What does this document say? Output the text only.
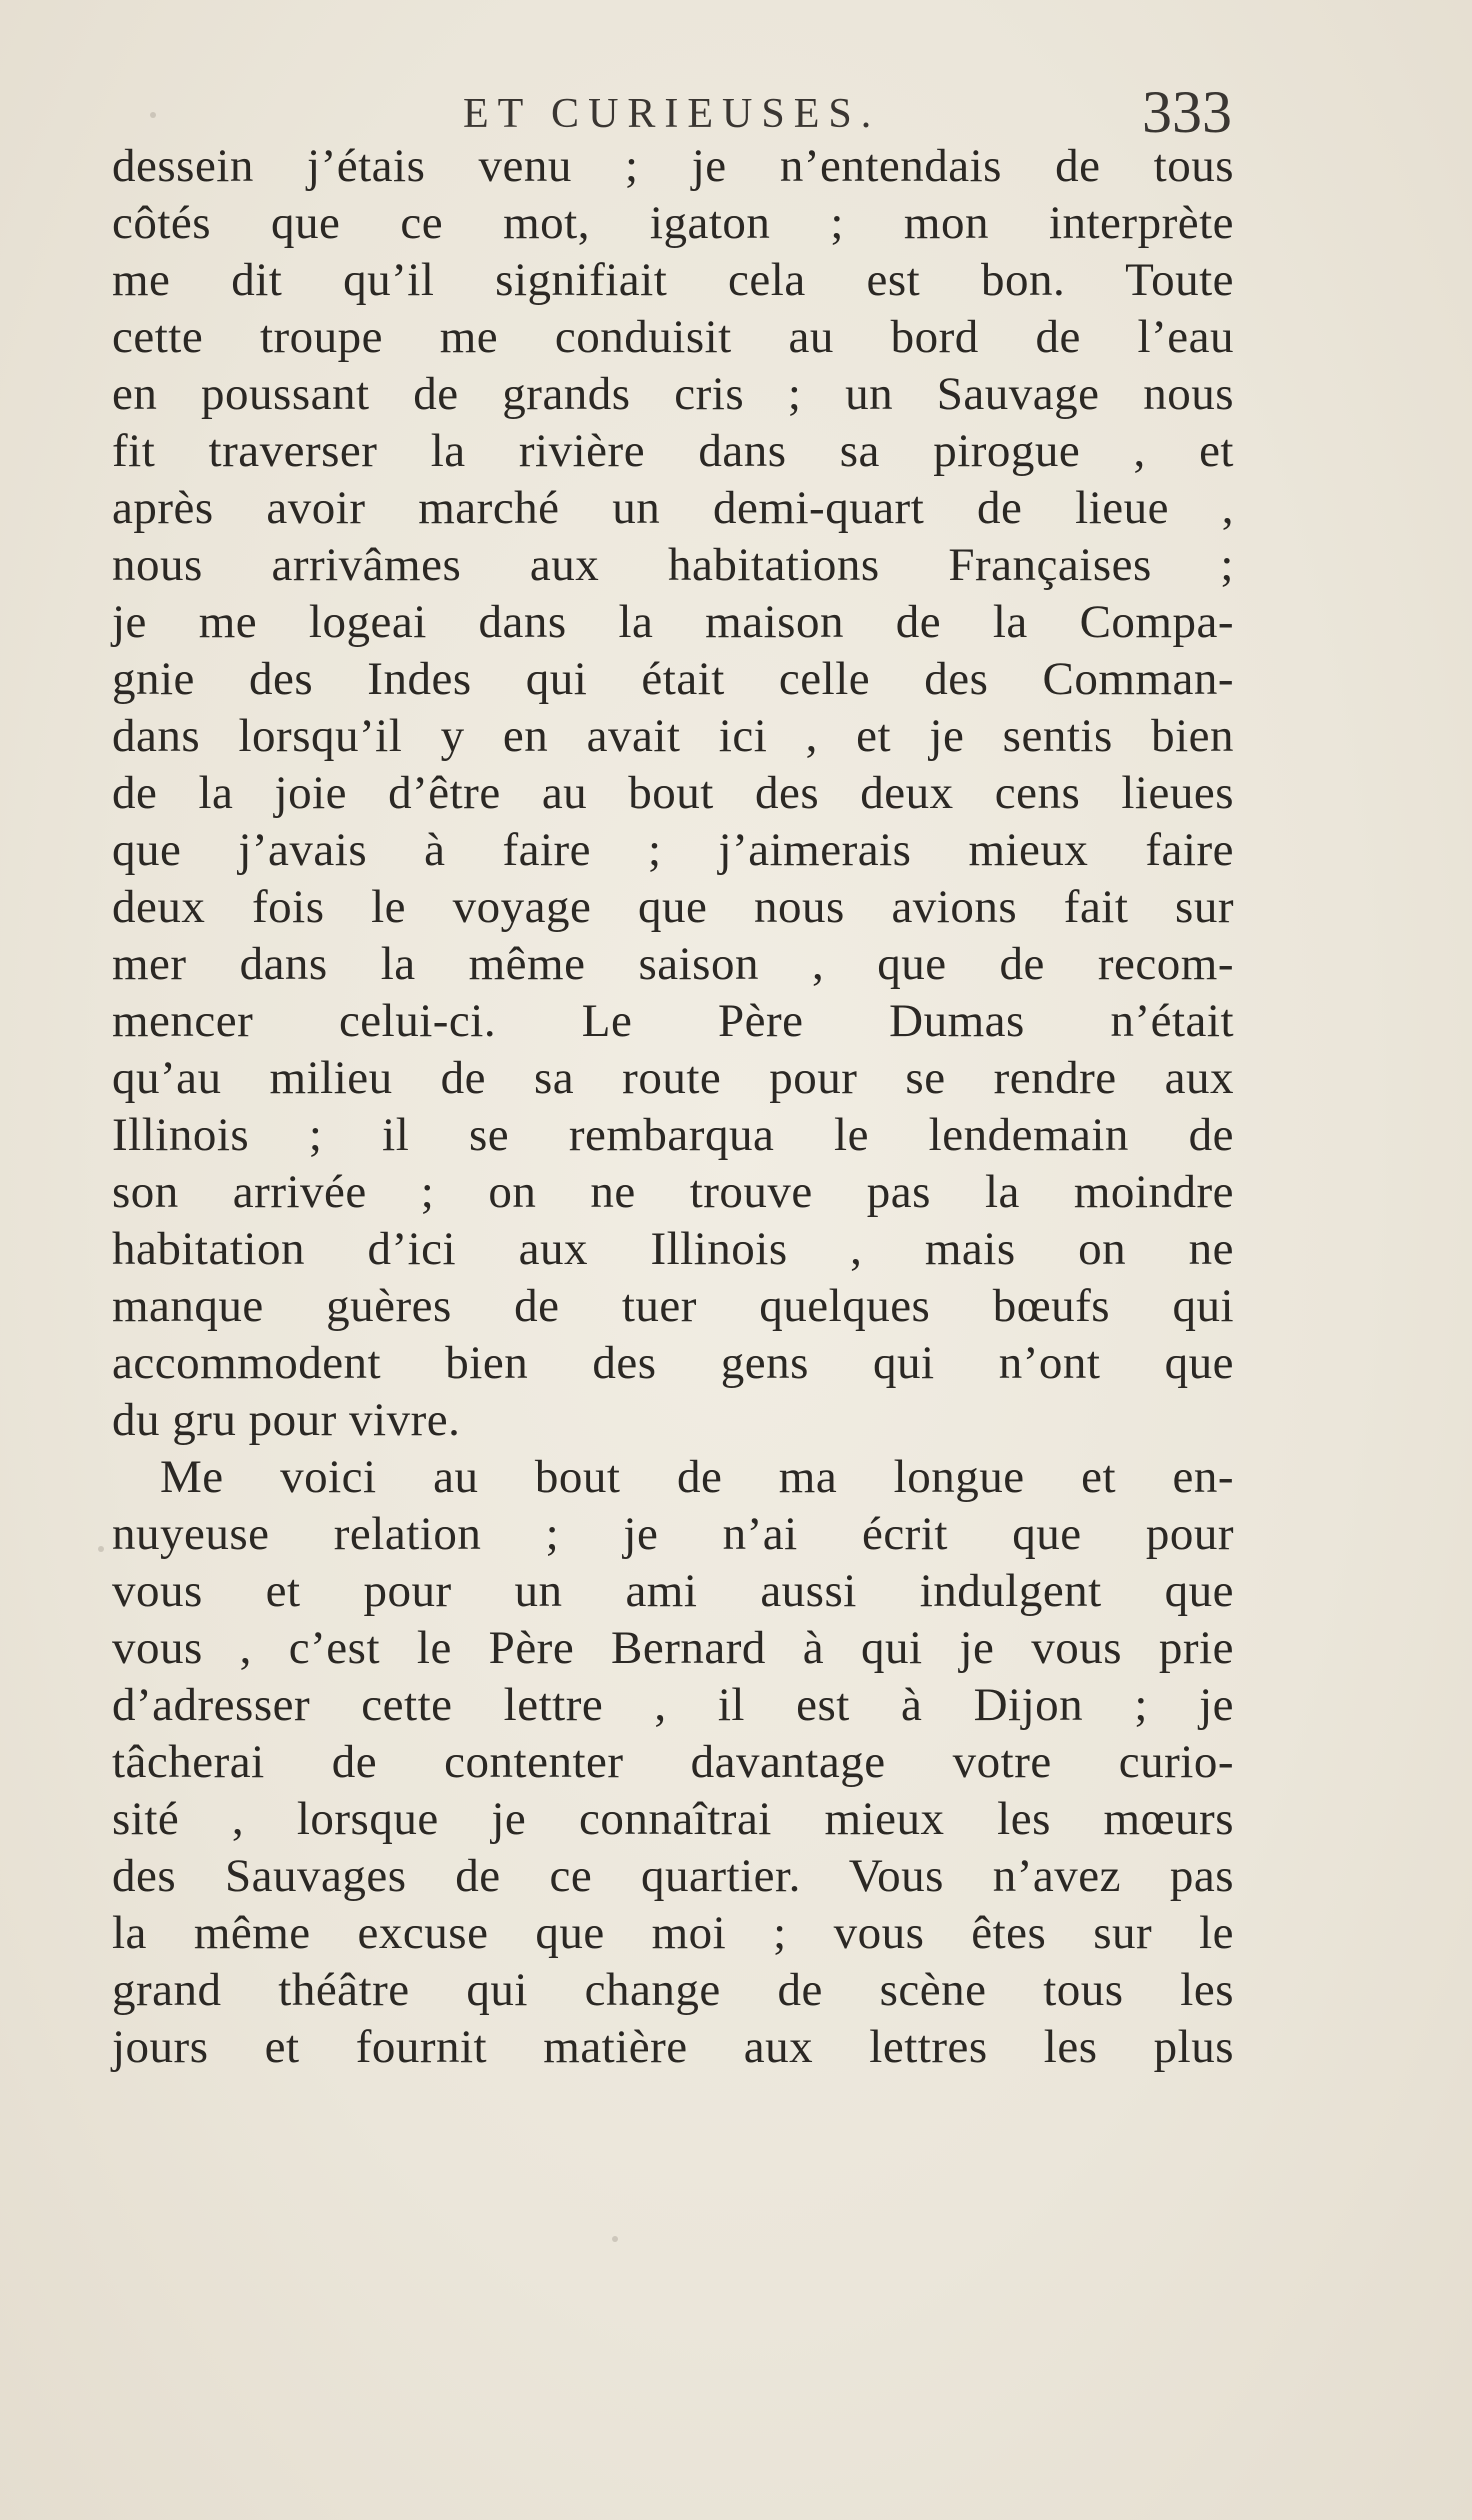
ET CURIEUSES.	333
dessein j’étais venu ; je n’entendais de tous
côtés que ce mot, igaton ; mon interprète
me dit qu’il signifiait cela est bon. Toute
cette troupe me conduisit au bord de l’eau
en poussant de grands cris ; un Sauvage nous
fit traverser la rivière dans sa pirogue , et
après avoir marché un demi-quart de lieue ,
nous arrivâmes aux habitations Françaises ;
je me logeai dans la maison de la Compa-
gnie des Indes qui était celle des Comman-
dans lorsqu’il y en avait ici , et je sentis bien
de la joie d’être au bout des deux cens lieues
que j’avais à faire ; j’aimerais mieux faire
deux fois le voyage que nous avions fait sur
mer dans la même saison , que de recom-
mencer celui-ci. Le Père Dumas n’était
qu’au milieu de sa route pour se rendre aux
Illinois ; il se rembarqua le lendemain de
son arrivée ; on ne trouve pas la moindre
habitation d’ici aux Illinois , mais on ne
manque guères de tuer quelques bœufs qui
accommodent bien des gens qui n’ont que
du gru pour vivre.
Me voici au bout de ma longue et en-
nuyeuse relation ; je n’ai écrit que pour
vous et pour un ami aussi indulgent que
vous , c’est le Père Bernard à qui je vous prie
d’adresser cette lettre , il est à Dijon ; je
tâcherai de contenter davantage votre curio-
sité , lorsque je connaîtrai mieux les mœurs
des Sauvages de ce quartier. Vous n’avez pas
la même excuse que moi ; vous êtes sur le
grand théâtre qui change de scène tous les
jours et fournit matière aux lettres les plus
